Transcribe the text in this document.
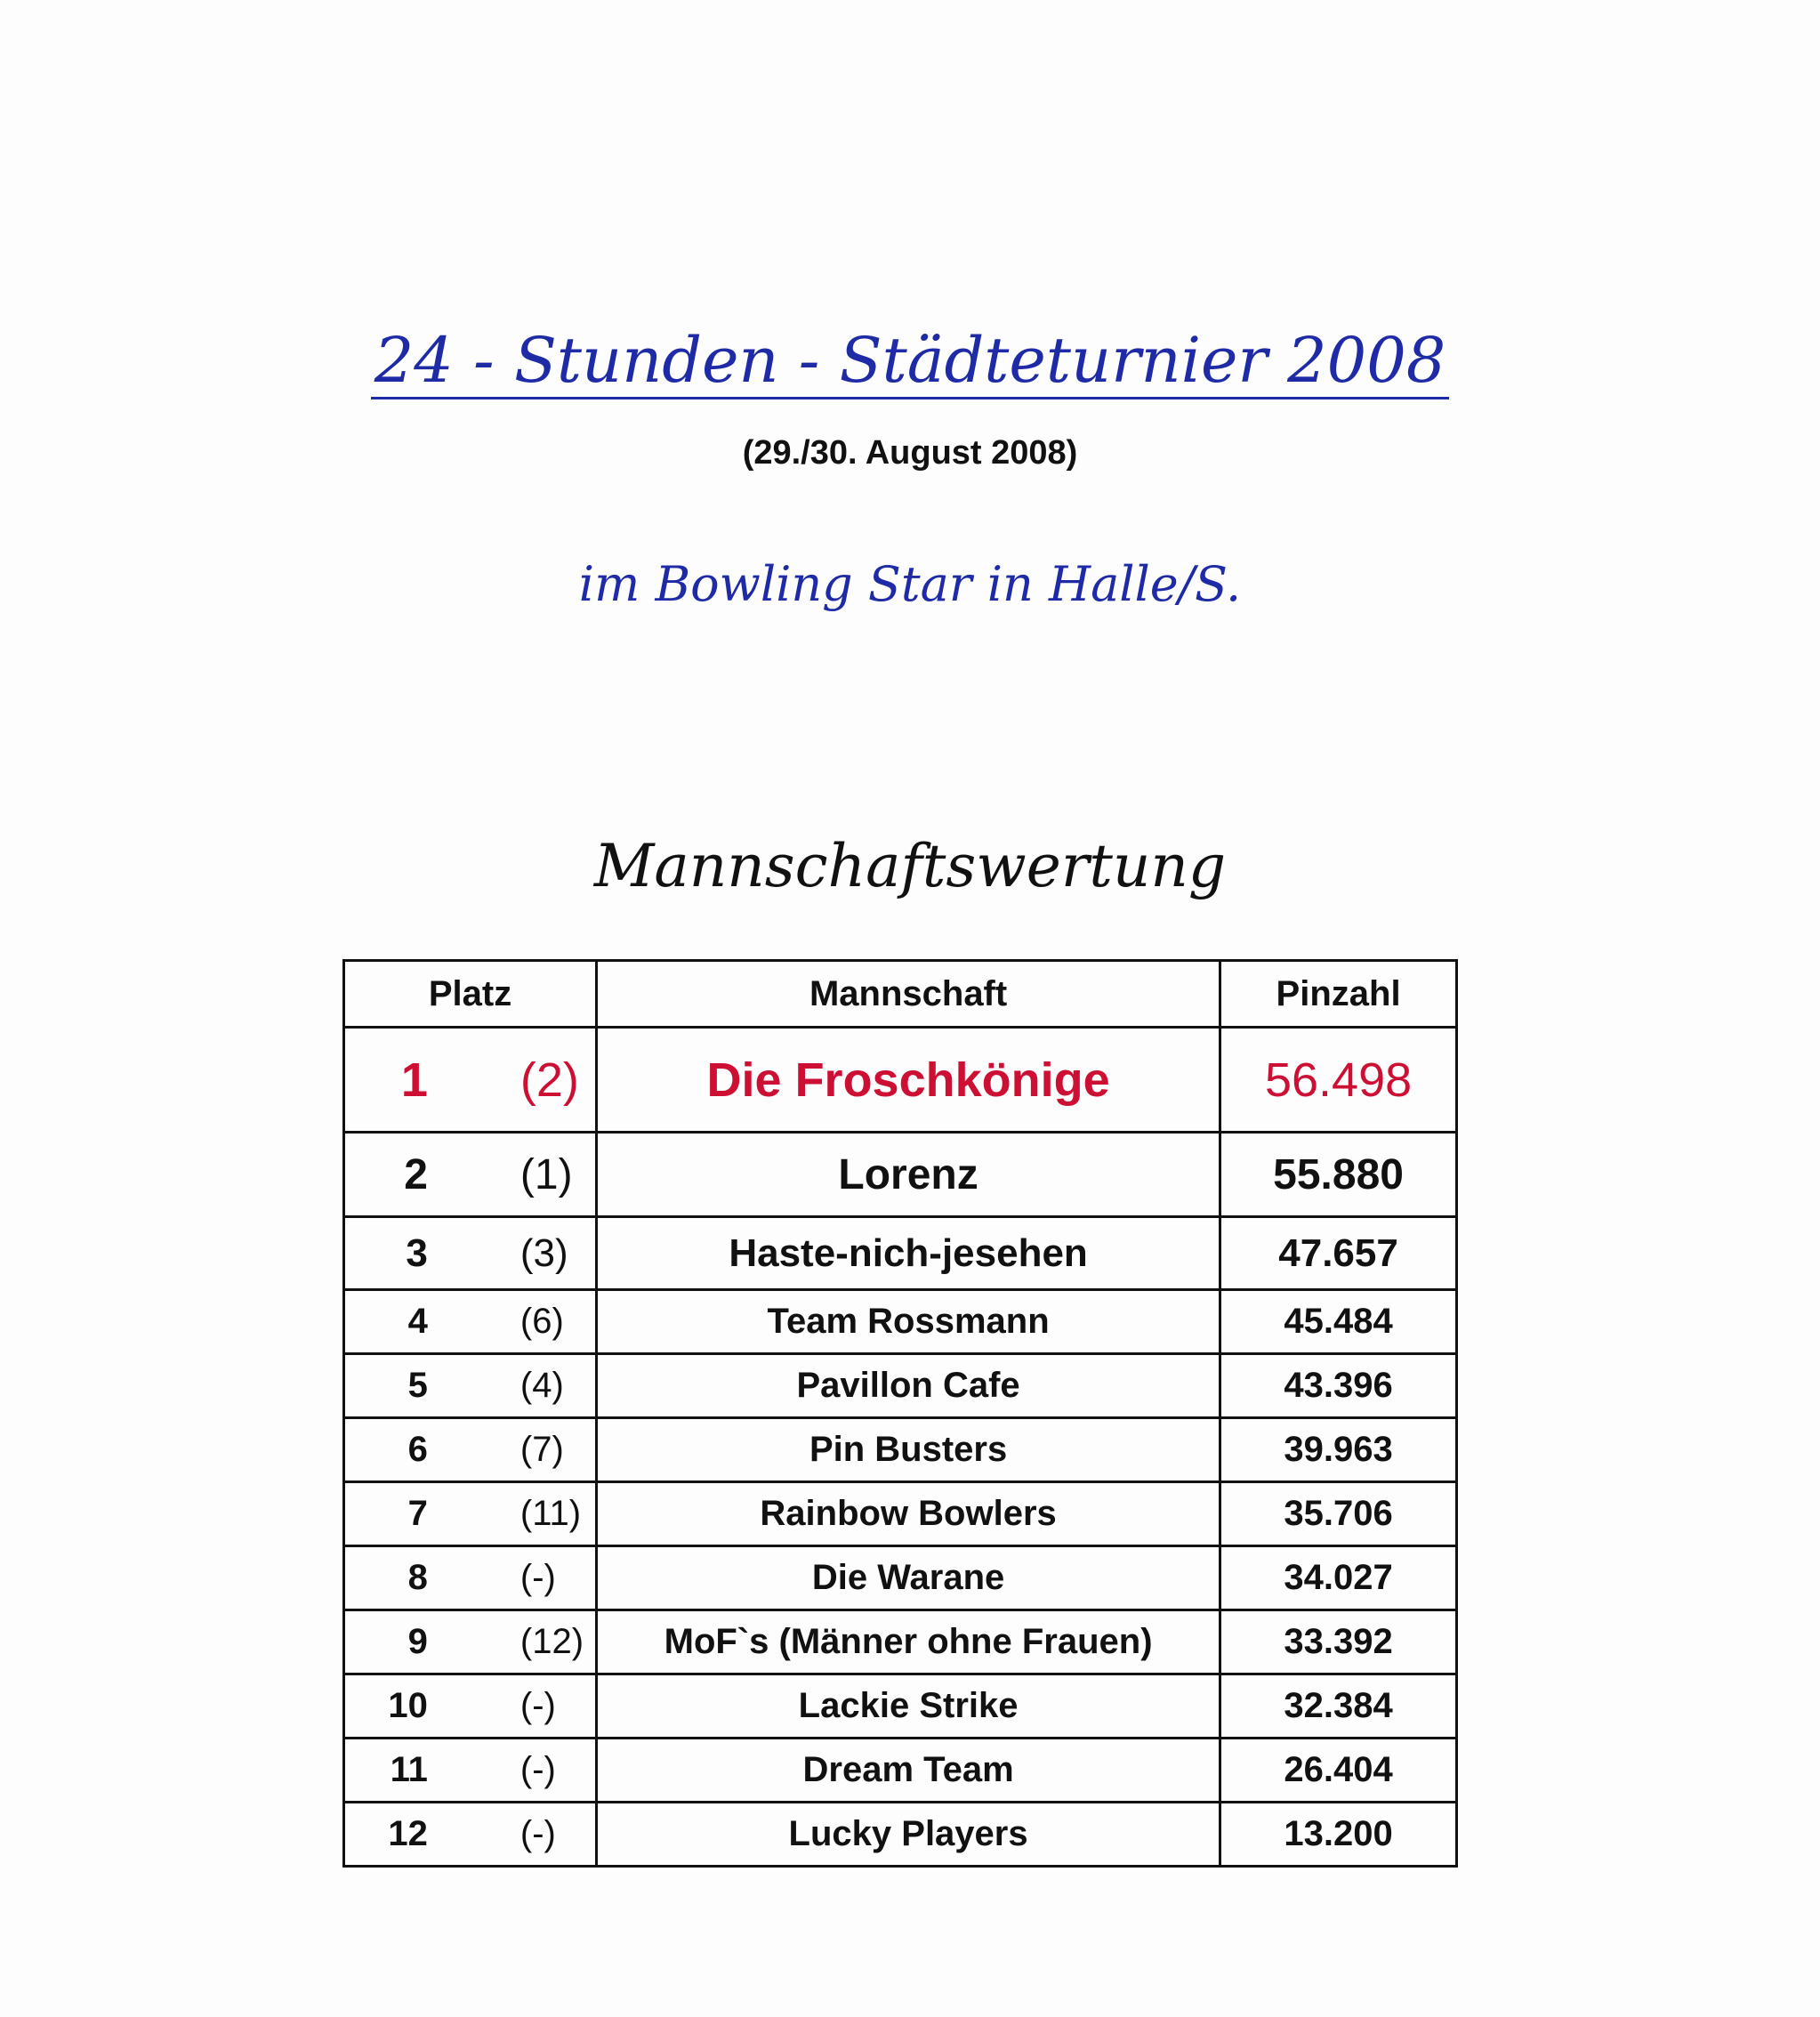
24 - Stunden - Städteturnier 2008
(29./30. August 2008)
im Bowling Star in Halle/S.
Mannschaftswertung
Platz	Mannschaft	Pinzahl

1 (2)	Die Froschkönige	56.498

2 (1)	Lorenz	55.880

3 (3)	Haste-nich-jesehen	47.657

4 (6)	Team Rossmann	45.484

5 (4)	Pavillon Cafe	43.396

6 (7)	Pin Busters	39.963

7 (11)	Rainbow Bowlers	35.706

8 (-)	Die Warane	34.027

9 (12)	MoF`s (Männer ohne Frauen)	33.392

10 (-)	Lackie Strike	32.384

11 (-)	Dream Team	26.404

12 (-)	Lucky Players	13.200
